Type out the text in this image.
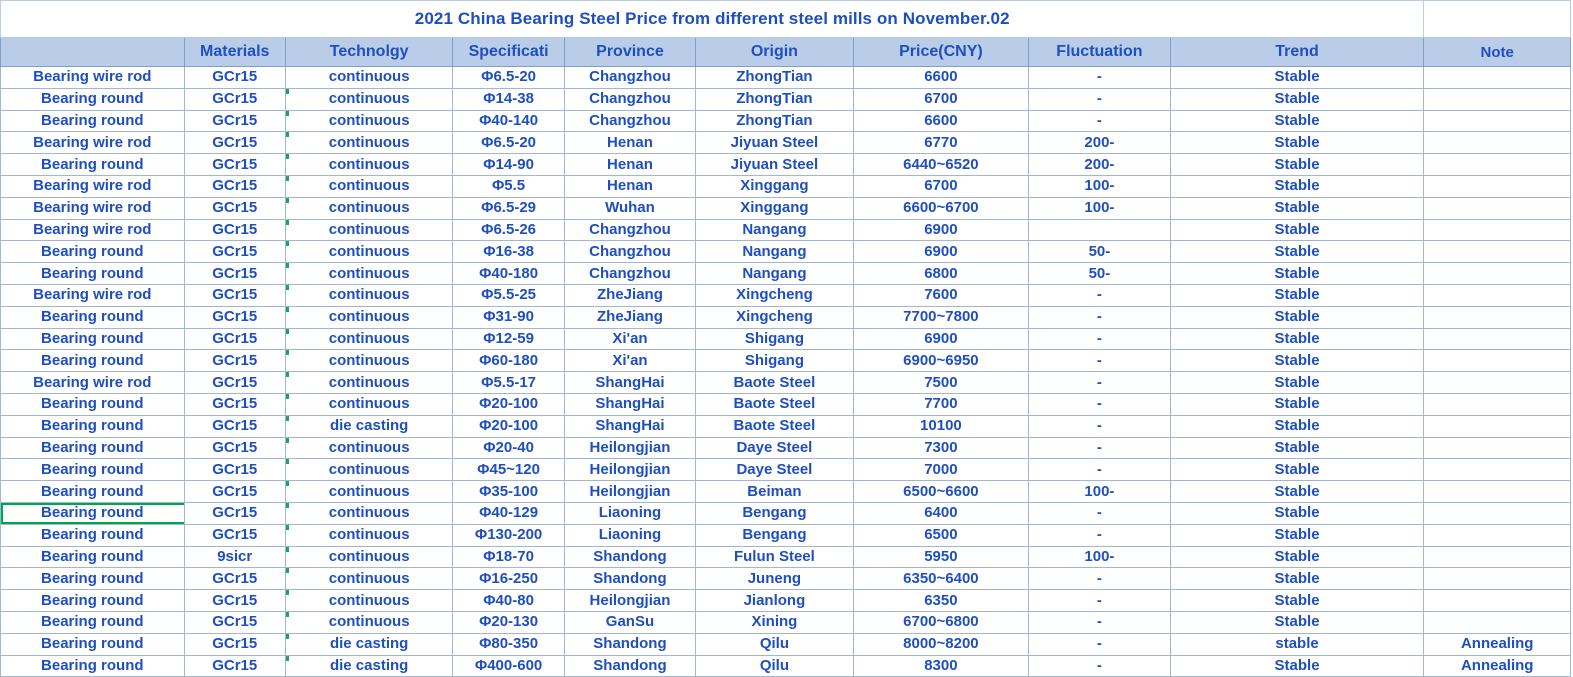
2021 China Bearing Steel Price from different steel mills on November.02									
	Materials	Technolgy	Specificati	Province	Origin	Price(CNY)	Fluctuation	Trend	Note
Bearing wire rod	GCr15	continuous	Φ6.5-20	Changzhou	ZhongTian	6600	-	Stable	
Bearing round	GCr15	continuous	Φ14-38	Changzhou	ZhongTian	6700	-	Stable	
Bearing round	GCr15	continuous	Φ40-140	Changzhou	ZhongTian	6600	-	Stable	
Bearing wire rod	GCr15	continuous	Φ6.5-20	Henan	Jiyuan Steel	6770	200-	Stable	
Bearing round	GCr15	continuous	Φ14-90	Henan	Jiyuan Steel	6440~6520	200-	Stable	
Bearing wire rod	GCr15	continuous	Φ5.5	Henan	Xinggang	6700	100-	Stable	
Bearing wire rod	GCr15	continuous	Φ6.5-29	Wuhan	Xinggang	6600~6700	100-	Stable	
Bearing wire rod	GCr15	continuous	Φ6.5-26	Changzhou	Nangang	6900		Stable	
Bearing round	GCr15	continuous	Φ16-38	Changzhou	Nangang	6900	50-	Stable	
Bearing round	GCr15	continuous	Φ40-180	Changzhou	Nangang	6800	50-	Stable	
Bearing wire rod	GCr15	continuous	Φ5.5-25	ZheJiang	Xingcheng	7600	-	Stable	
Bearing round	GCr15	continuous	Φ31-90	ZheJiang	Xingcheng	7700~7800	-	Stable	
Bearing round	GCr15	continuous	Φ12-59	Xi'an	Shigang	6900	-	Stable	
Bearing round	GCr15	continuous	Φ60-180	Xi'an	Shigang	6900~6950	-	Stable	
Bearing wire rod	GCr15	continuous	Φ5.5-17	ShangHai	Baote Steel	7500	-	Stable	
Bearing round	GCr15	continuous	Φ20-100	ShangHai	Baote Steel	7700	-	Stable	
Bearing round	GCr15	die casting	Φ20-100	ShangHai	Baote Steel	10100	-	Stable	
Bearing round	GCr15	continuous	Φ20-40	Heilongjian	Daye Steel	7300	-	Stable	
Bearing round	GCr15	continuous	Φ45~120	Heilongjian	Daye Steel	7000	-	Stable	
Bearing round	GCr15	continuous	Φ35-100	Heilongjian	Beiman	6500~6600	100-	Stable	
Bearing round	GCr15	continuous	Φ40-129	Liaoning	Bengang	6400	-	Stable	
Bearing round	GCr15	continuous	Φ130-200	Liaoning	Bengang	6500	-	Stable	
Bearing round	9sicr	continuous	Φ18-70	Shandong	Fulun Steel	5950	100-	Stable	
Bearing round	GCr15	continuous	Φ16-250	Shandong	Juneng	6350~6400	-	Stable	
Bearing round	GCr15	continuous	Φ40-80	Heilongjian	Jianlong	6350	-	Stable	
Bearing round	GCr15	continuous	Φ20-130	GanSu	Xining	6700~6800	-	Stable	
Bearing round	GCr15	die casting	Φ80-350	Shandong	Qilu	8000~8200	-	stable	Annealing
Bearing round	GCr15	die casting	Φ400-600	Shandong	Qilu	8300	-	Stable	Annealing
